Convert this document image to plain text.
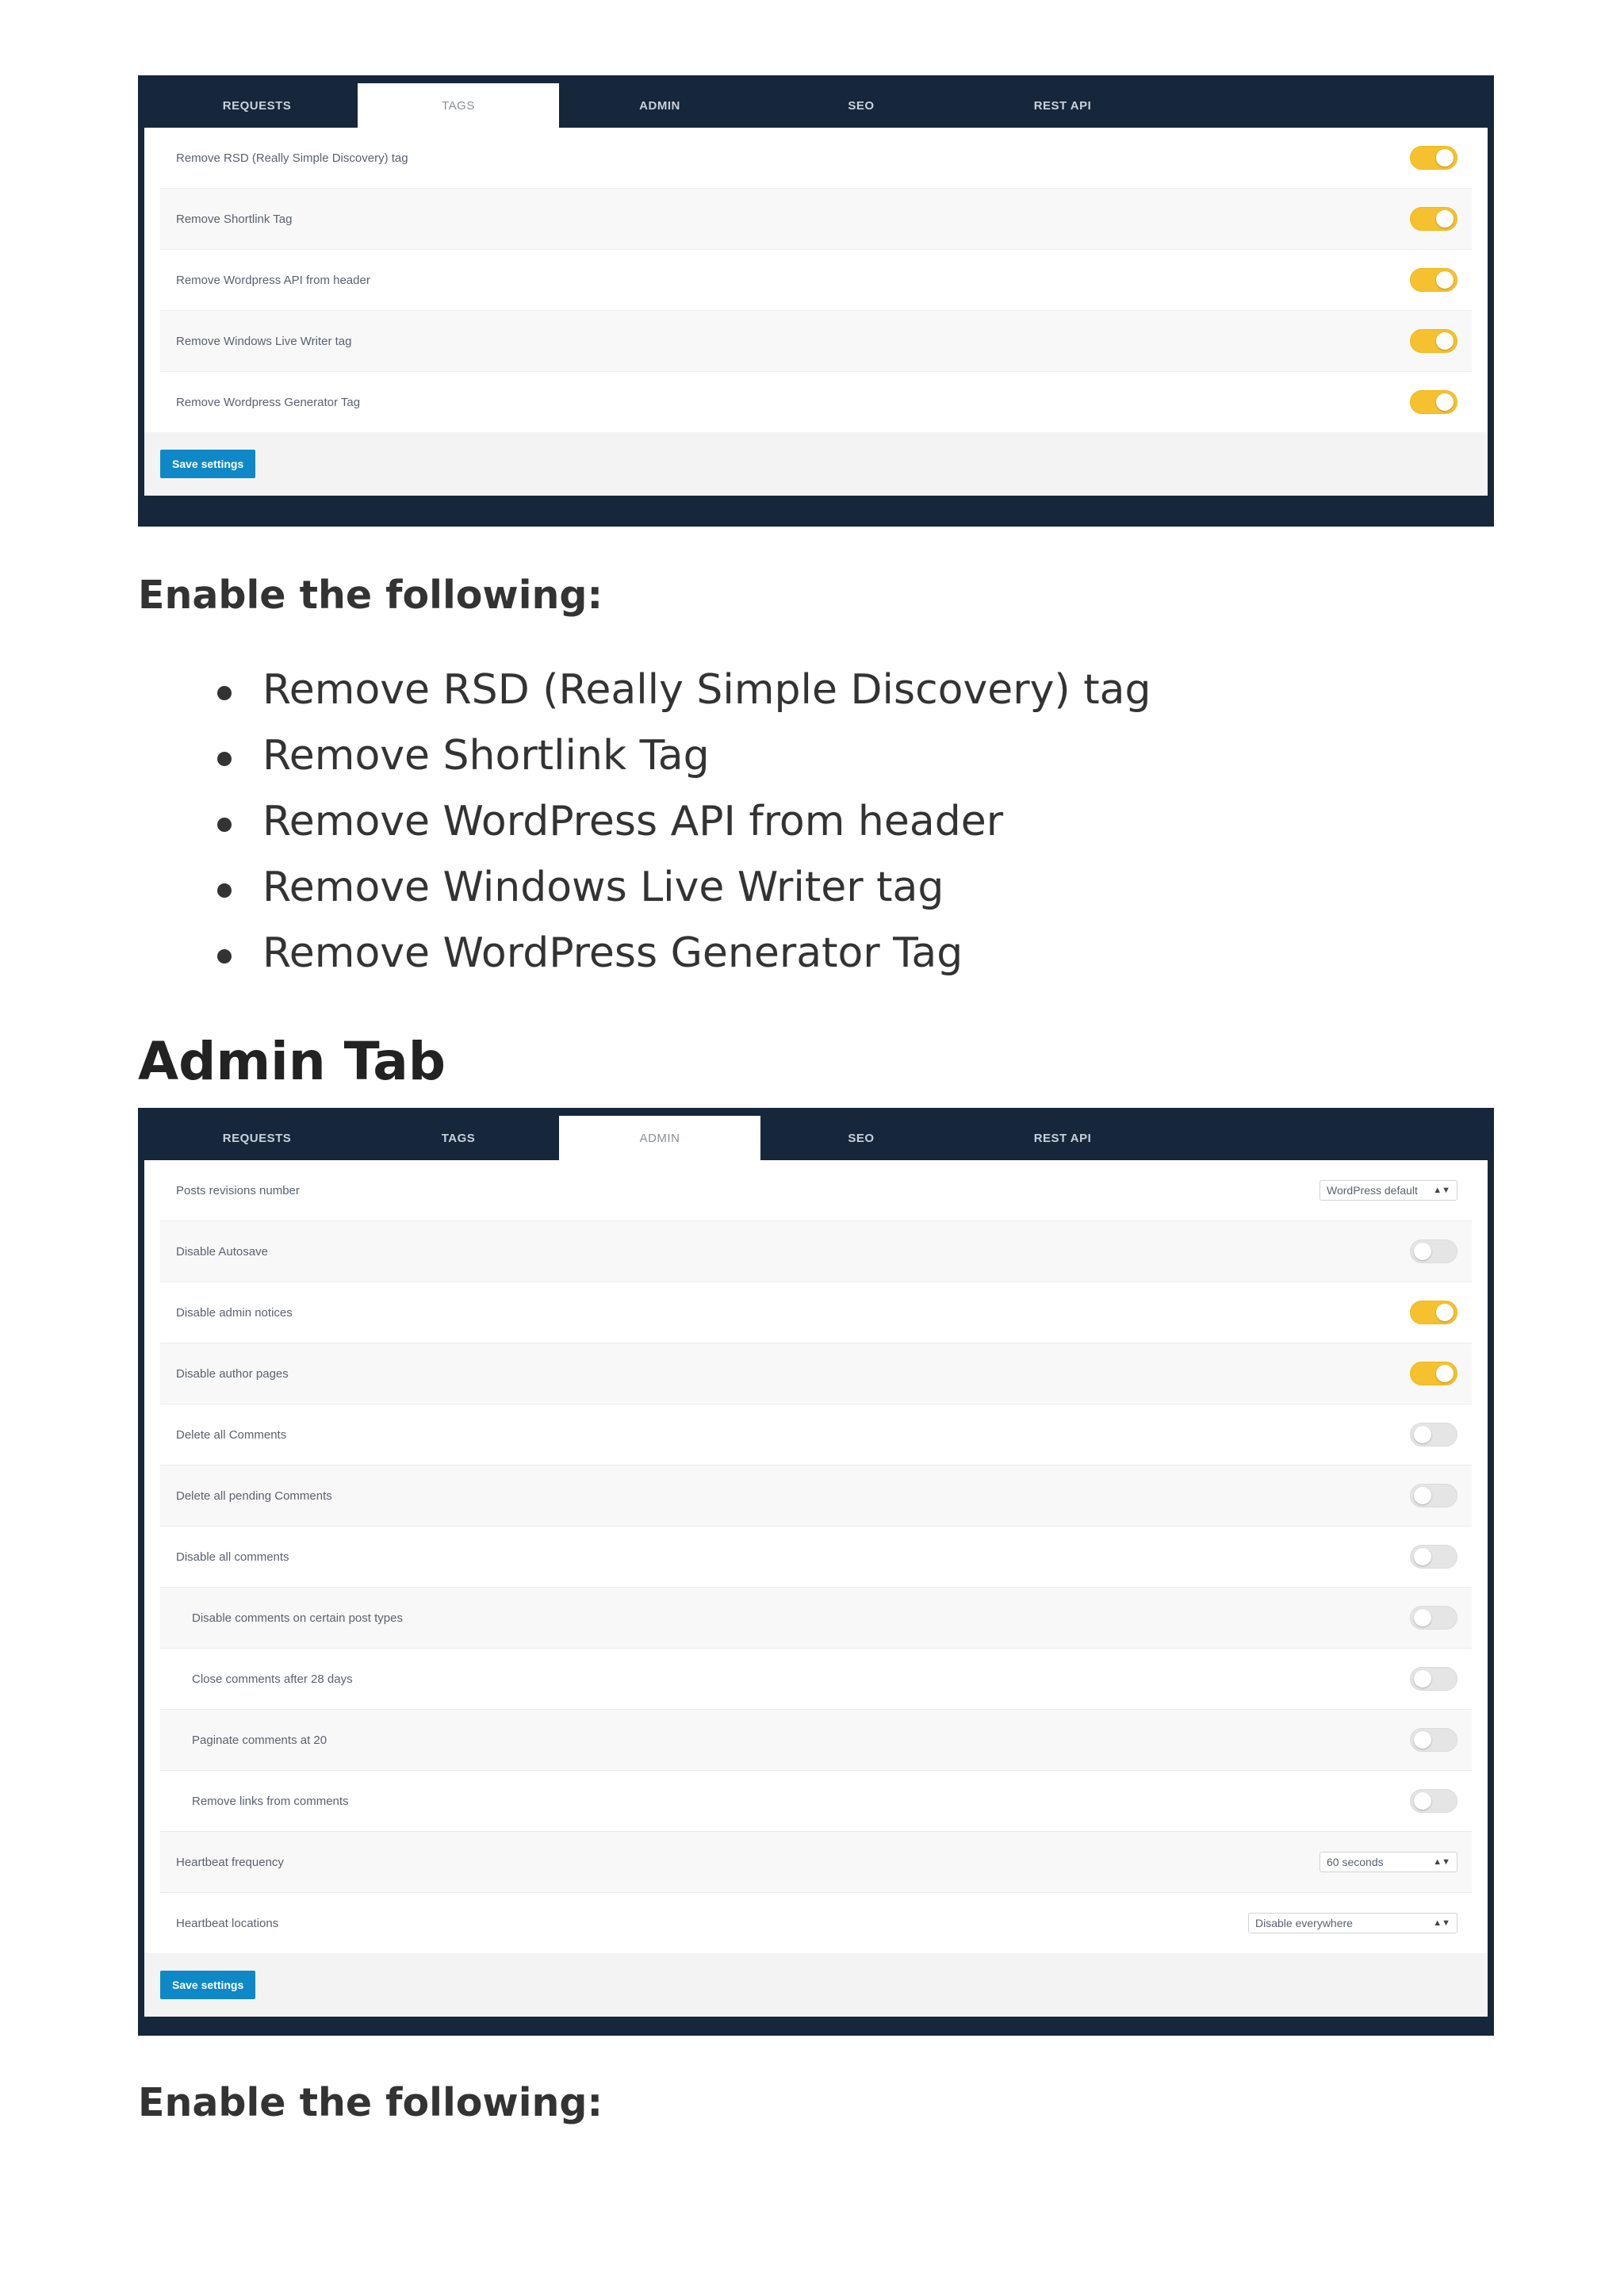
REQUESTS	TAGS	ADMIN	SEO	REST API
Remove RSD (Really Simple Discovery) tag
Remove Shortlink Tag
Remove Wordpress API from header
Remove Windows Live Writer tag
Remove Wordpress Generator Tag
Save settings

Enable the following:

Remove RSD (Really Simple Discovery) tag
Remove Shortlink Tag
Remove WordPress API from header
Remove Windows Live Writer tag
Remove WordPress Generator Tag
Admin Tab
REQUESTS	TAGS	ADMIN	SEO	REST API
Posts revisions number	WordPress default ▲▼
Disable Autosave
Disable admin notices
Disable author pages
Delete all Comments
Delete all pending Comments
Disable all comments
Disable comments on certain post types
Close comments after 28 days
Paginate comments at 20
Remove links from comments
Heartbeat frequency	60 seconds	▲▼
Heartbeat locations	Disable everywhere	▲▼
Save settings

Enable the following:
